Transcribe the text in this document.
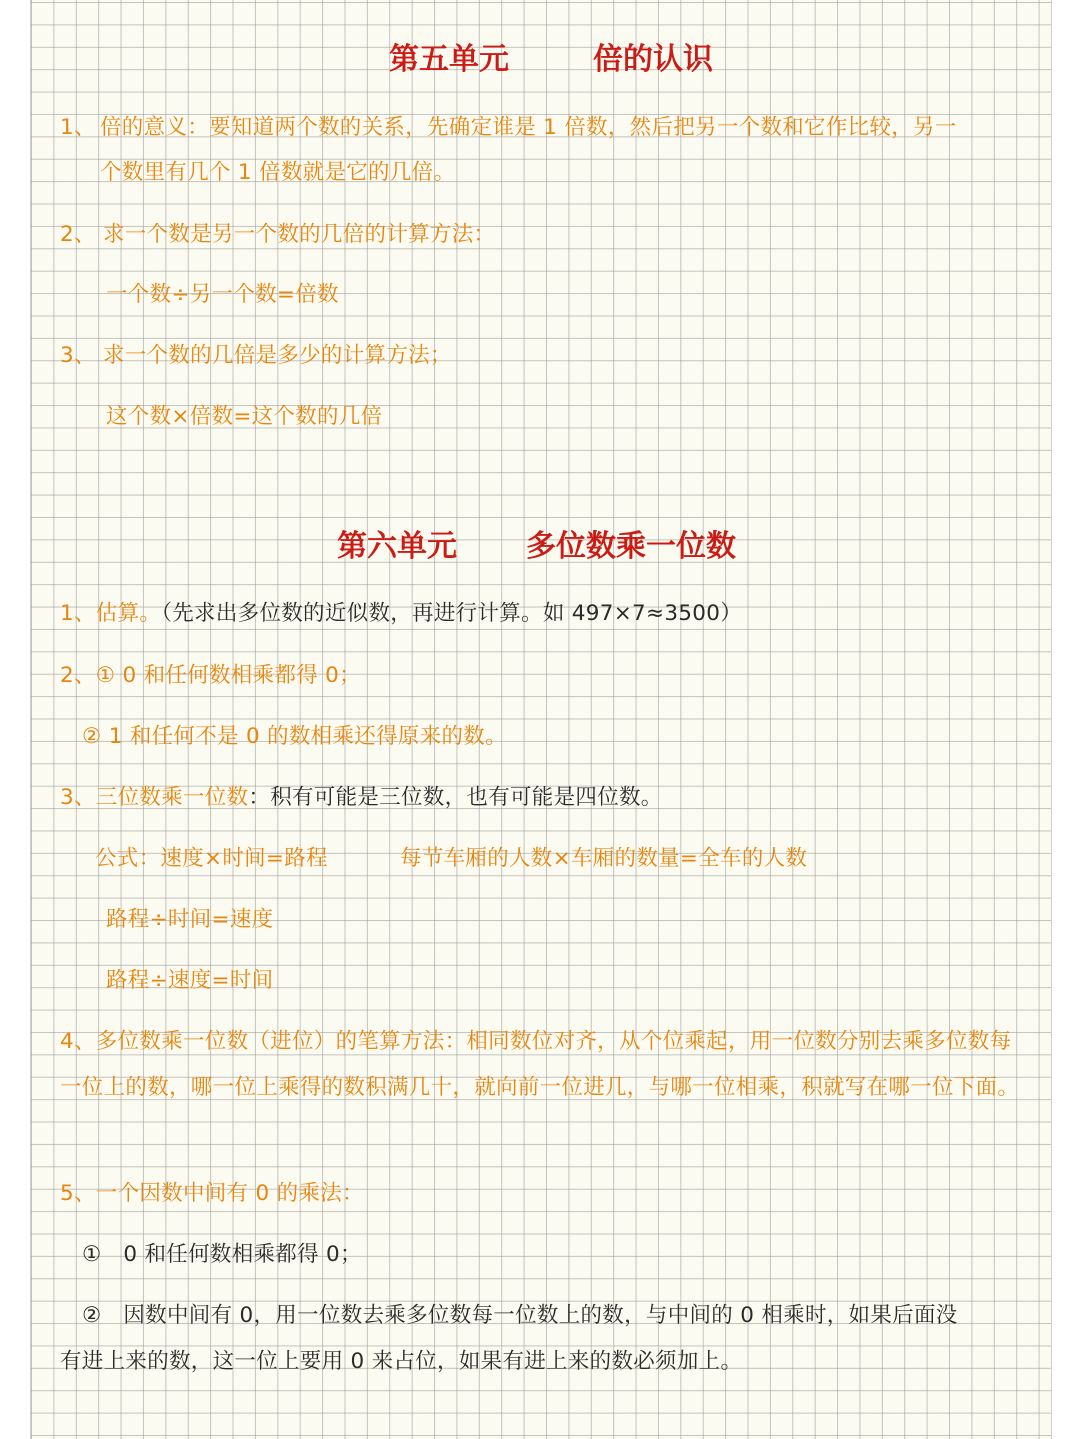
第五单元	倍的认识
1、 倍的意义：要知道两个数的关系，先确定谁是 1 倍数，然后把另一个数和它作比较，另一
个数里有几个 1 倍数就是它的几倍。
2、 求一个数是另一个数的几倍的计算方法：
一个数÷另一个数=倍数
3、 求一个数的几倍是多少的计算方法；
这个数×倍数=这个数的几倍
第六单元 多位数乘一位数
1、估算。（先求出多位数的近似数，再进行计算。如 497×7≈3500）
2、① 0 和任何数相乘都得 0；
② 1 和任何不是 0 的数相乘还得原来的数。
3、三位数乘一位数：积有可能是三位数，也有可能是四位数。
公式：速度×时间=路程	每节车厢的人数×车厢的数量=全车的人数
路程÷时间=速度
路程÷速度=时间
4、多位数乘一位数（进位）的笔算方法：相同数位对齐，从个位乘起，用一位数分别去乘多位数每一位上的数，哪一位上乘得的数积满几十，就向前一位进几，与哪一位相乘，积就写在哪一位下面。
5、一个因数中间有 0 的乘法：
①　0 和任何数相乘都得 0；
②　因数中间有 0，用一位数去乘多位数每一位数上的数，与中间的 0 相乘时，如果后面没
有进上来的数，这一位上要用 0 来占位，如果有进上来的数必须加上。
